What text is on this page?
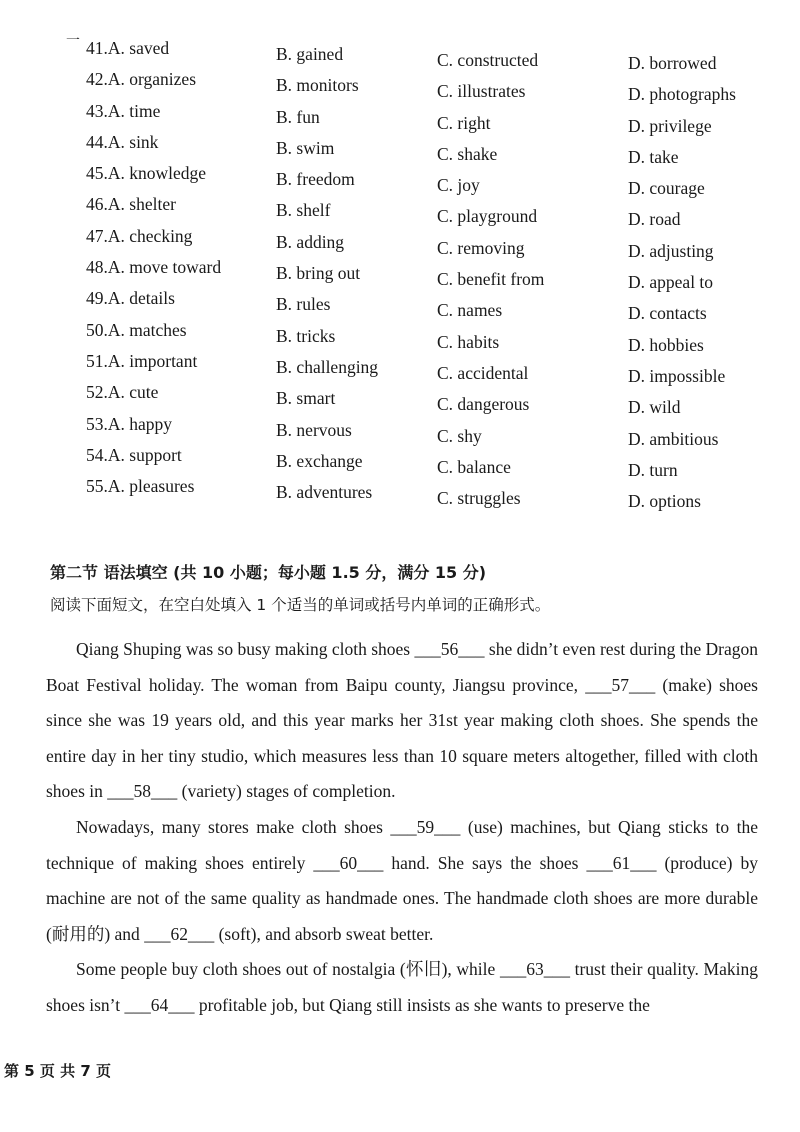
一 41.A. saved	B. gained	C. constructed	D. borrowed
42.A. organizes	B. monitors	C. illustrates	D. photographs
43.A. time	B. fun	C. right	D. privilege
44.A. sink	B. swim	C. shake	D. take
45.A. knowledge	B. freedom	C. joy	D. courage
46.A. shelter	B. shelf	C. playground	D. road
47.A. checking	B. adding	C. removing	D. adjusting
48.A. move toward	B. bring out	C. benefit from	D. appeal to
49.A. details	B. rules	C. names	D. contacts
50.A. matches	B. tricks	C. habits	D. hobbies
51.A. important	B. challenging	C. accidental	D. impossible
52.A. cute	B. smart	C. dangerous	D. wild
53.A. happy	B. nervous	C. shy	D. ambitious
54.A. support	B. exchange	C. balance	D. turn
55.A. pleasures	B. adventures	C. struggles	D. options
第二节 语法填空 (共 10 小题；每小题 1.5 分，满分 15 分)
阅读下面短文，在空白处填入 1 个适当的单词或括号内单词的正确形式。

Qiang Shuping was so busy making cloth shoes ___56___ she didn’t even rest during the Dragon Boat Festival holiday. The woman from Baipu county, Jiangsu province, ___57___ (make) shoes since she was 19 years old, and this year marks her 31st year making cloth shoes. She spends the entire day in her tiny studio, which measures less than 10 square meters altogether, filled with cloth shoes in ___58___ (variety) stages of completion.

Nowadays, many stores make cloth shoes ___59___ (use) machines, but Qiang sticks to the technique of making shoes entirely ___60___ hand. She says the shoes ___61___ (produce) by machine are not of the same quality as handmade ones. The handmade cloth shoes are more durable (耐用的) and ___62___ (soft), and absorb sweat better.

Some people buy cloth shoes out of nostalgia (怀旧), while ___63___ trust their quality. Making shoes isn’t ___64___ profitable job, but Qiang still insists as she wants to preserve the

第 5 页 共 7 页
